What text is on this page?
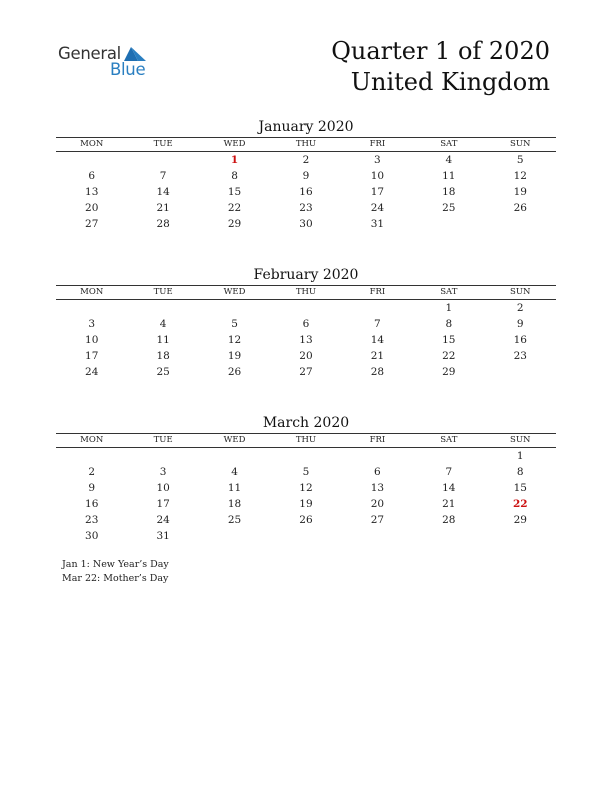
General
Blue
Quarter 1 of 2020
United Kingdom
January 2020
MON	TUE	WED	THU	FRI	SAT	SUN
		1	2	3	4	5
6	7	8	9	10	11	12
13	14	15	16	17	18	19
20	21	22	23	24	25	26
27	28	29	30	31		
February 2020
MON	TUE	WED	THU	FRI	SAT	SUN
					1	2
3	4	5	6	7	8	9
10	11	12	13	14	15	16
17	18	19	20	21	22	23
24	25	26	27	28	29	
March 2020
MON	TUE	WED	THU	FRI	SAT	SUN
						1
2	3	4	5	6	7	8
9	10	11	12	13	14	15
16	17	18	19	20	21	22
23	24	25	26	27	28	29
30	31					
Jan 1: New Year’s Day
Mar 22: Mother’s Day
